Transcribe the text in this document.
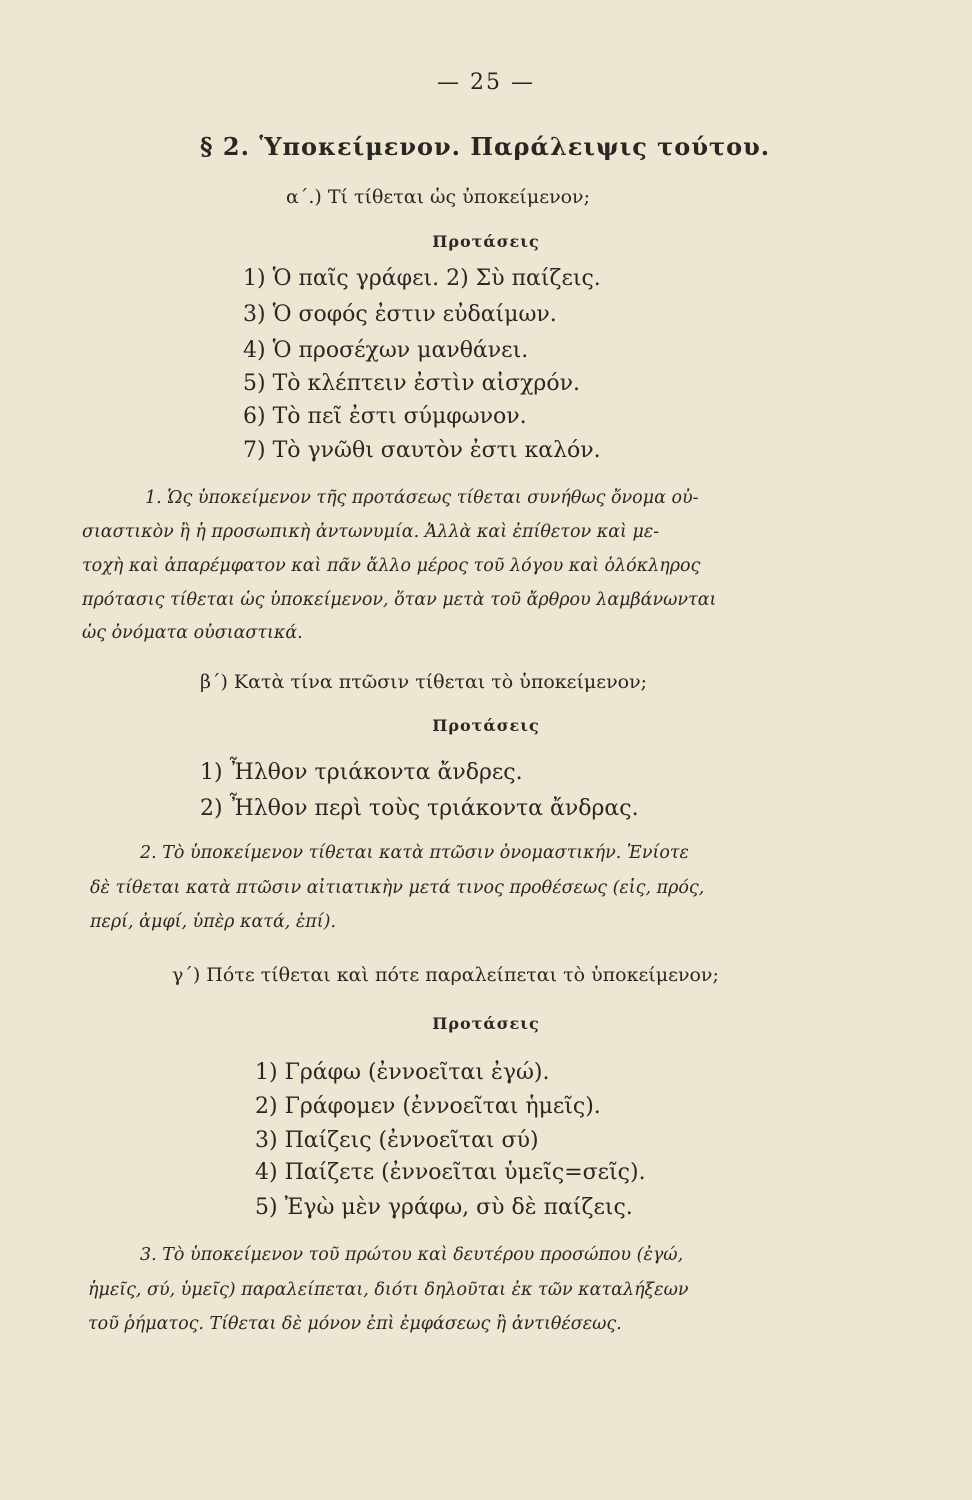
— 25 —
§ 2. Ὑποκείμενον. Παράλειψις τούτου.
α΄.) Τί τίθεται ὡς ὑποκείμενον;
Προτάσεις
1) Ὁ παῖς γράφει. 2) Σὺ παίζεις.
3) Ὁ σοφός ἐστιν εὐδαίμων.
4) Ὁ προσέχων μανθάνει.
5) Τὸ κλέπτειν ἐστὶν αἰσχρόν.
6) Τὸ πεῖ ἐστι σύμφωνον.
7) Τὸ γνῶθι σαυτὸν ἐστι καλόν.
1. Ὡς ὑποκείμενον τῆς προτάσεως τίθεται συνήθως ὄνομα οὐ-
σιαστικὸν ἢ ἡ προσωπικὴ ἀντωνυμία. Ἀλλὰ καὶ ἐπίθετον καὶ με-
τοχὴ καὶ ἀπαρέμφατον καὶ πᾶν ἄλλο μέρος τοῦ λόγου καὶ ὁλόκληρος
πρότασις τίθεται ὡς ὑποκείμενον, ὅταν μετὰ τοῦ ἄρθρου λαμβάνωνται
ὡς ὀνόματα οὐσιαστικά.
β΄) Κατὰ τίνα πτῶσιν τίθεται τὸ ὑποκείμενον;
Προτάσεις
1) Ἦλθον τριάκοντα ἄνδρες.
2) Ἦλθον περὶ τοὺς τριάκοντα ἄνδρας.
2. Τὸ ὑποκείμενον τίθεται κατὰ πτῶσιν ὀνομαστικήν. Ἐνίοτε
δὲ τίθεται κατὰ πτῶσιν αἰτιατικὴν μετά τινος προθέσεως (εἰς, πρός,
περί, ἀμφί, ὑπὲρ κατά, ἐπί).
γ΄) Πότε τίθεται καὶ πότε παραλείπεται τὸ ὑποκείμενον;
Προτάσεις
1) Γράφω (ἐννοεῖται ἐγώ).
2) Γράφομεν (ἐννοεῖται ἡμεῖς).
3) Παίζεις (ἐννοεῖται σύ)
4) Παίζετε (ἐννοεῖται ὑμεῖς=σεῖς).
5) Ἐγὼ μὲν γράφω, σὺ δὲ παίζεις.
3. Τὸ ὑποκείμενον τοῦ πρώτου καὶ δευτέρου προσώπου (ἐγώ,
ἡμεῖς, σύ, ὑμεῖς) παραλείπεται, διότι δηλοῦται ἐκ τῶν καταλήξεων
τοῦ ῥήματος. Τίθεται δὲ μόνον ἐπὶ ἐμφάσεως ἢ ἀντιθέσεως.
